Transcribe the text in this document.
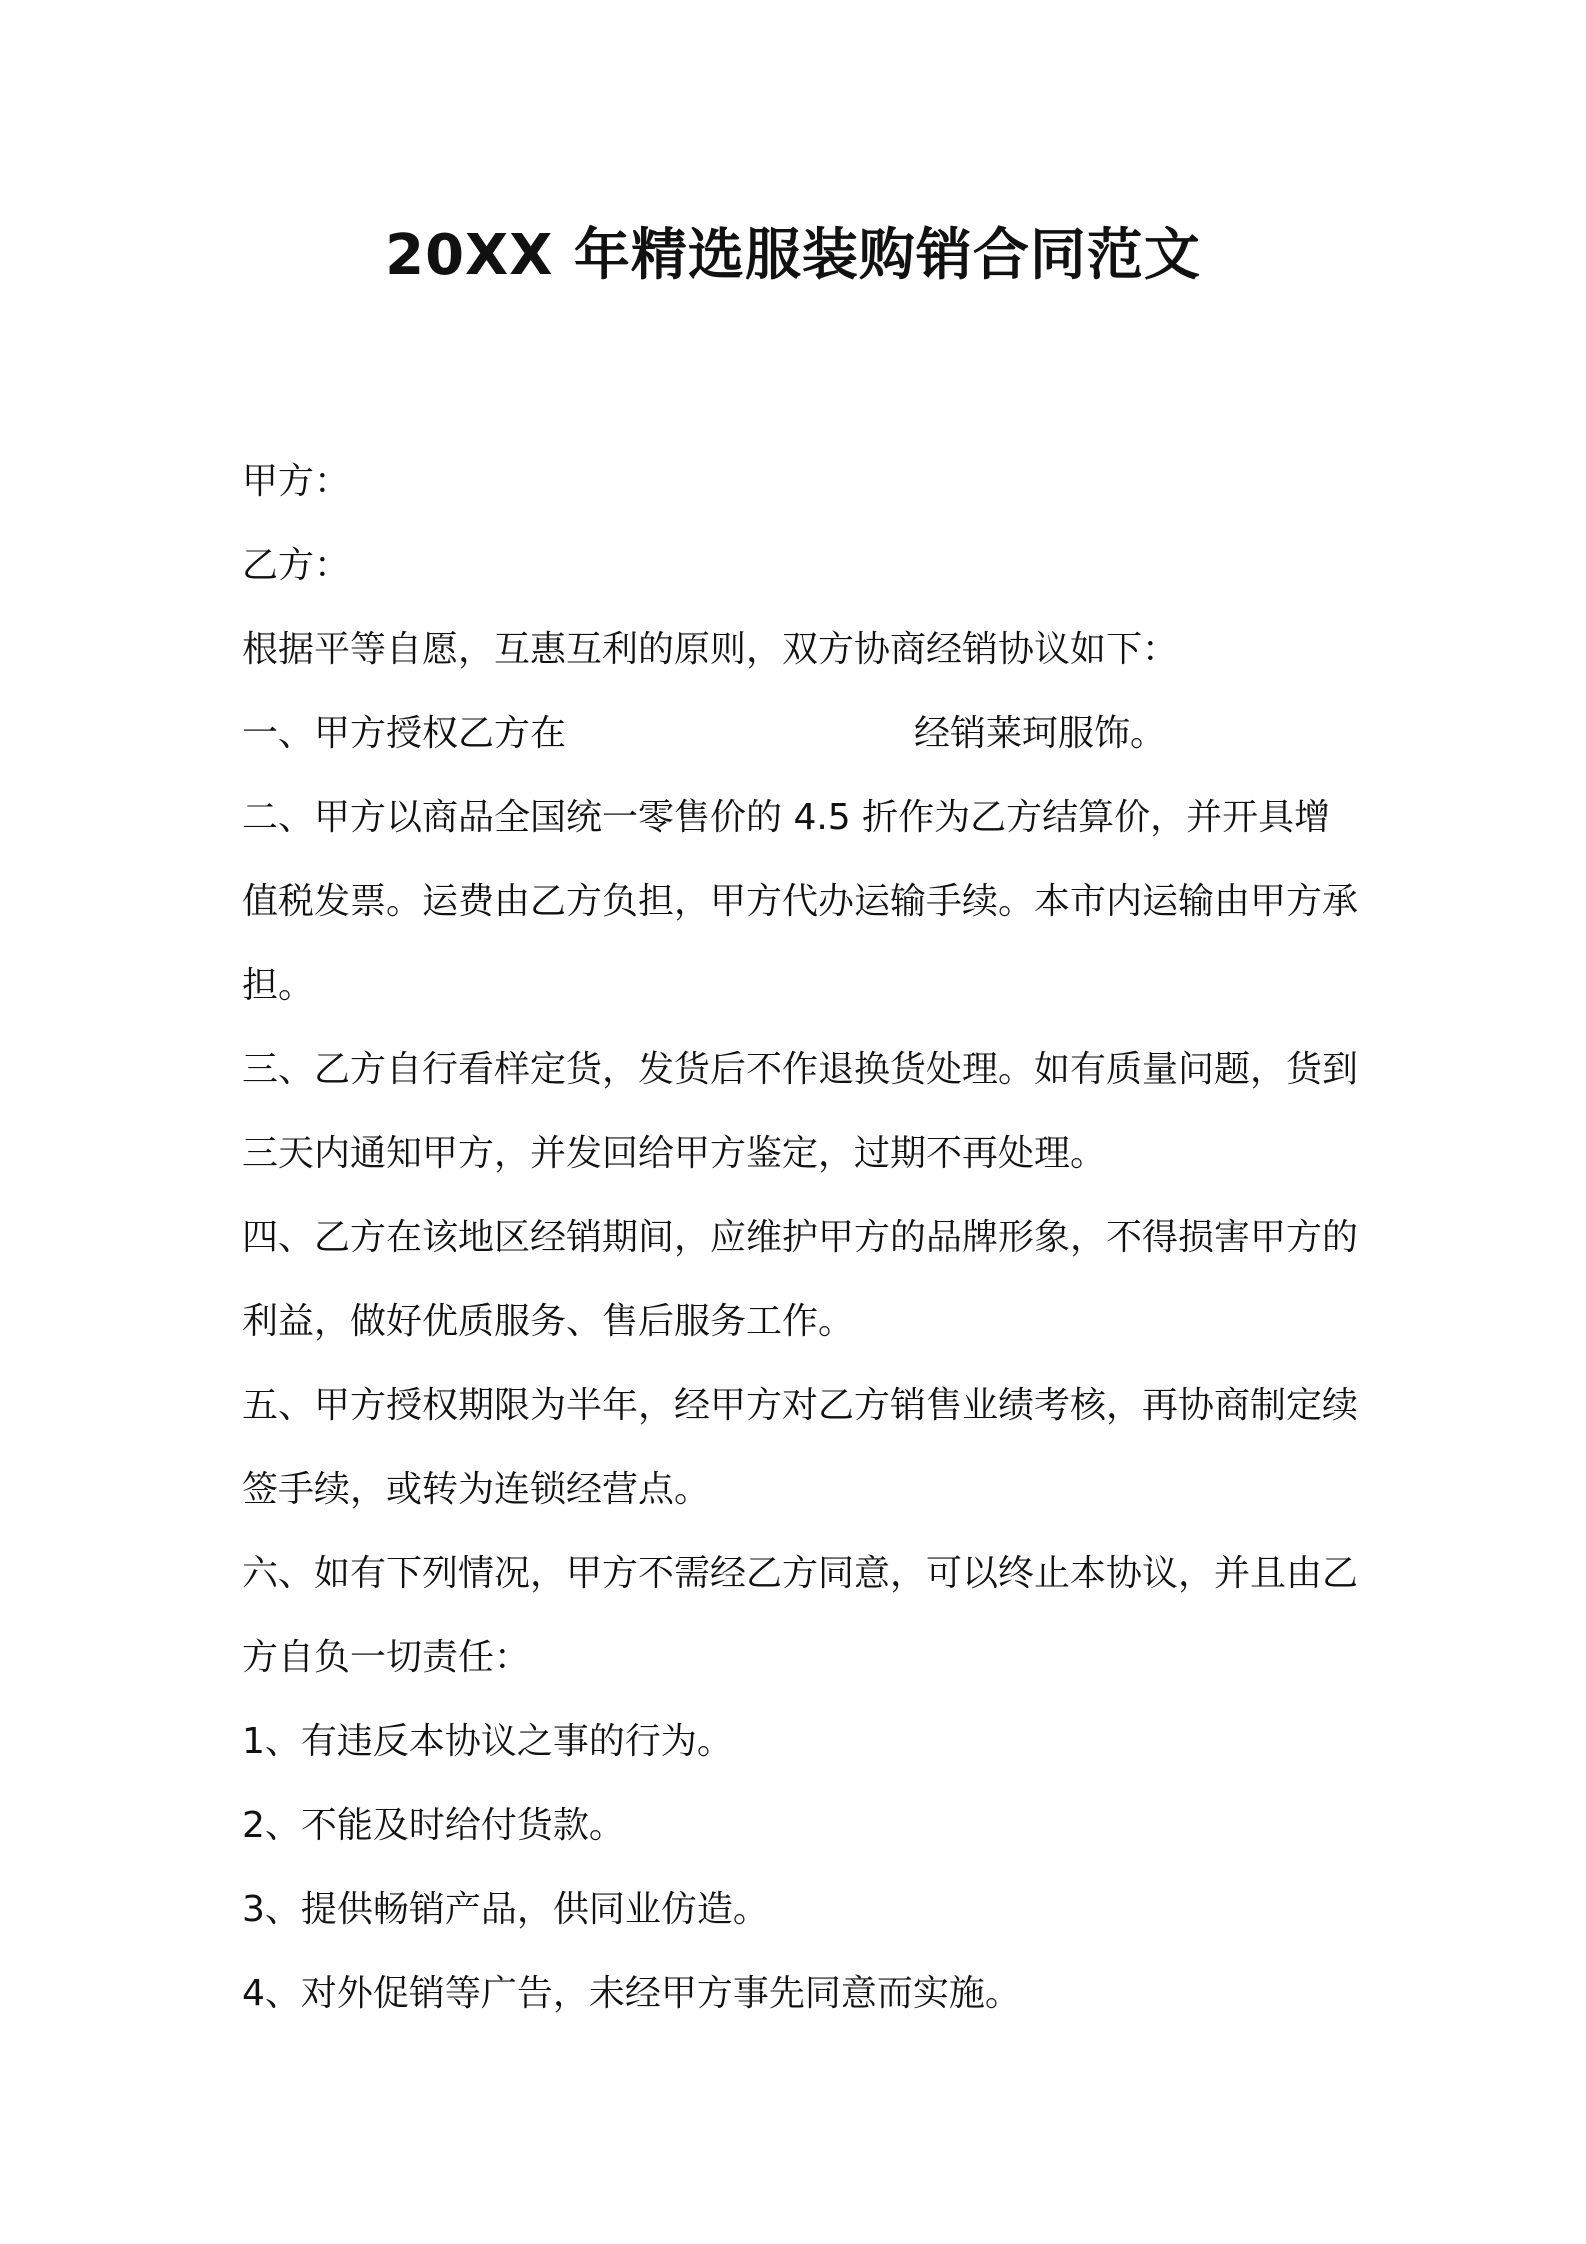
20XX 年精选服装购销合同范文

甲方：

乙方：

根据平等自愿，互惠互利的原则，双方协商经销协议如下：

一、甲方授权乙方在	经销莱珂服饰。

二、甲方以商品全国统一零售价的 4.5 折作为乙方结算价，并开具增值税发票。运费由乙方负担，甲方代办运输手续。本市内运输由甲方承担。

三、乙方自行看样定货，发货后不作退换货处理。如有质量问题，货到三天内通知甲方，并发回给甲方鉴定，过期不再处理。

四、乙方在该地区经销期间，应维护甲方的品牌形象，不得损害甲方的利益，做好优质服务、售后服务工作。

五、甲方授权期限为半年，经甲方对乙方销售业绩考核，再协商制定续签手续，或转为连锁经营点。

六、如有下列情况，甲方不需经乙方同意，可以终止本协议，并且由乙方自负一切责任：

1、有违反本协议之事的行为。

2、不能及时给付货款。

3、提供畅销产品，供同业仿造。

4、对外促销等广告，未经甲方事先同意而实施。
